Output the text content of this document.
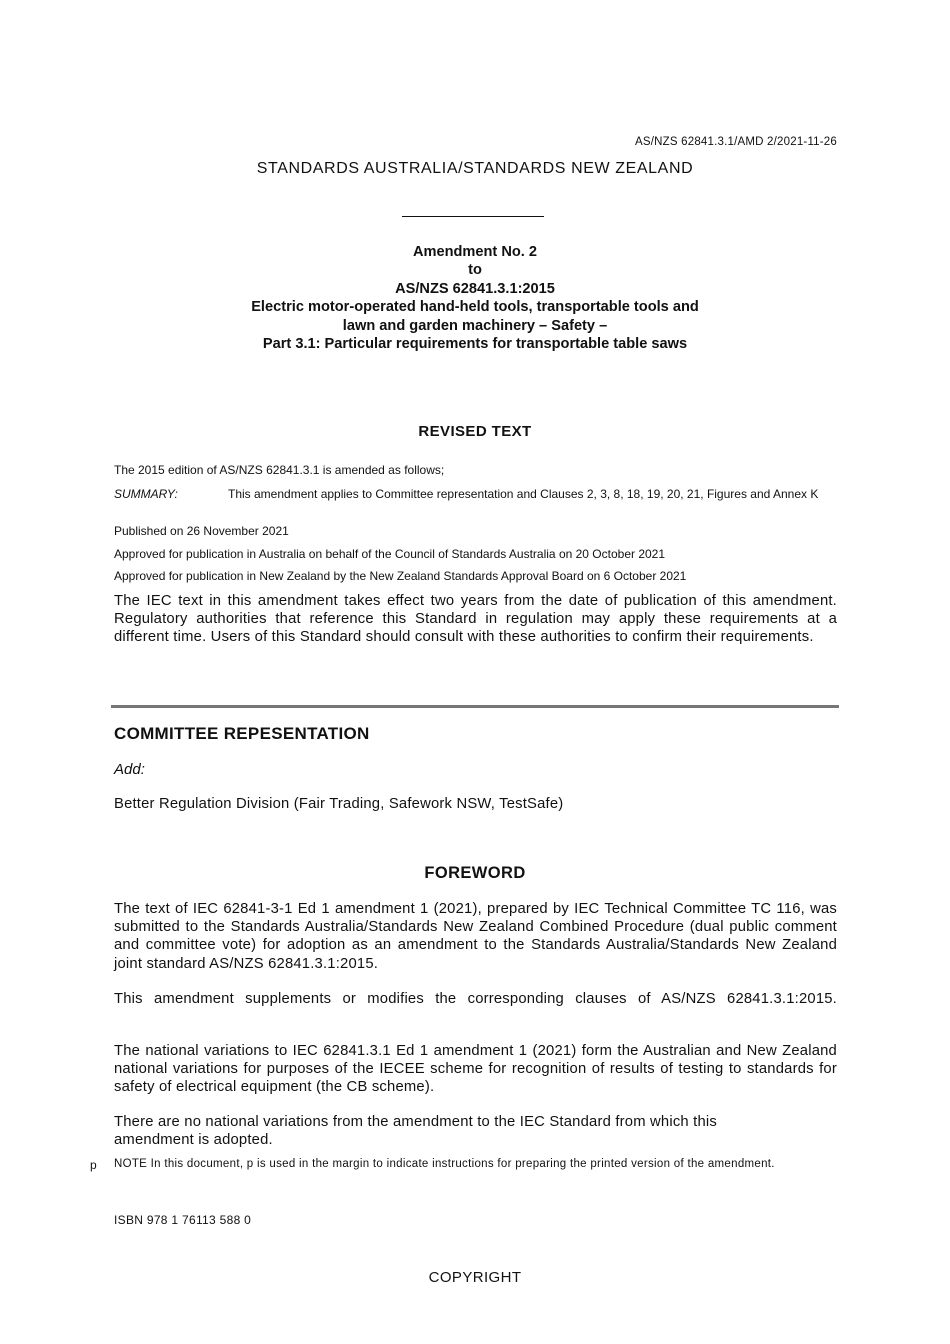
AS/NZS 62841.3.1/AMD 2/2021-11-26
STANDARDS AUSTRALIA/STANDARDS NEW ZEALAND
Amendment No. 2
to
AS/NZS 62841.3.1:2015
Electric motor-operated hand-held tools, transportable tools and
lawn and garden machinery – Safety –
Part 3.1: Particular requirements for transportable table saws
REVISED TEXT
The 2015 edition of AS/NZS 62841.3.1 is amended as follows;
SUMMARY:	This amendment applies to Committee representation and Clauses 2, 3, 8, 18, 19, 20, 21, Figures and Annex K
Published on 26 November 2021
Approved for publication in Australia on behalf of the Council of Standards Australia on 20 October 2021
Approved for publication in New Zealand by the New Zealand Standards Approval Board on 6 October 2021
The IEC text in this amendment takes effect two years from the date of publication of this amendment. Regulatory authorities that reference this Standard in regulation may apply these requirements at a different time. Users of this Standard should consult with these authorities to confirm their requirements.
COMMITTEE REPESENTATION
Add:
Better Regulation Division (Fair Trading, Safework NSW, TestSafe)
FOREWORD
The text of IEC 62841-3-1 Ed 1 amendment 1 (2021), prepared by IEC Technical Committee TC 116, was submitted to the Standards Australia/Standards New Zealand Combined Procedure (dual public comment and committee vote) for adoption as an amendment to the Standards Australia/Standards New Zealand joint standard AS/NZS 62841.3.1:2015.
This amendment supplements or modifies the corresponding clauses of AS/NZS 62841.3.1:2015.
The national variations to IEC 62841.3.1 Ed 1 amendment 1 (2021) form the Australian and New Zealand national variations for purposes of the IECEE scheme for recognition of results of testing to standards for safety of electrical equipment (the CB scheme).
There are no national variations from the amendment to the IEC Standard from which this
amendment is adopted.
p NOTE In this document, p is used in the margin to indicate instructions for preparing the printed version of the amendment.
ISBN 978 1 76113 588 0
COPYRIGHT
